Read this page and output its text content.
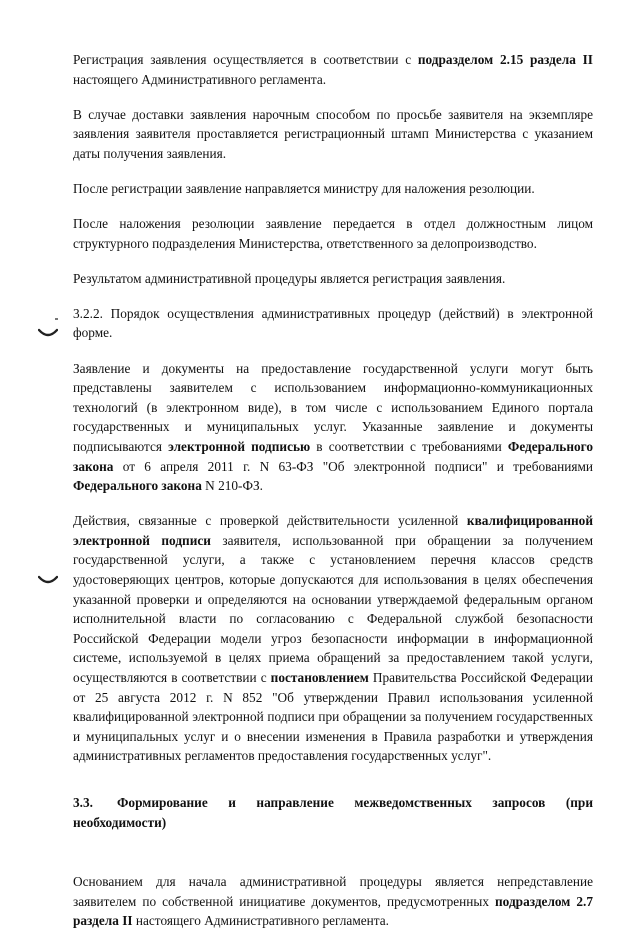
Регистрация заявления осуществляется в соответствии с подразделом 2.15 раздела II настоящего Административного регламента.

В случае доставки заявления нарочным способом по просьбе заявителя на экземпляре заявления заявителя проставляется регистрационный штамп Министерства с указанием даты получения заявления.

После регистрации заявление направляется министру для наложения резолюции.

После наложения резолюции заявление передается в отдел должностным лицом структурного подразделения Министерства, ответственного за делопроизводство.

Результатом административной процедуры является регистрация заявления.

3.2.2. Порядок осуществления административных процедур (действий) в электронной форме.

Заявление и документы на предоставление государственной услуги могут быть представлены заявителем с использованием информационно-коммуникационных технологий (в электронном виде), в том числе с использованием Единого портала государственных и муниципальных услуг. Указанные заявление и документы подписываются электронной подписью в соответствии с требованиями Федерального закона от 6 апреля 2011 г. N 63-ФЗ "Об электронной подписи" и требованиями Федерального закона N 210-ФЗ.

Действия, связанные с проверкой действительности усиленной квалифицированной электронной подписи заявителя, использованной при обращении за получением государственной услуги, а также с установлением перечня классов средств удостоверяющих центров, которые допускаются для использования в целях обеспечения указанной проверки и определяются на основании утверждаемой федеральным органом исполнительной власти по согласованию с Федеральной службой безопасности Российской Федерации модели угроз безопасности информации в информационной системе, используемой в целях приема обращений за предоставлением такой услуги, осуществляются в соответствии с постановлением Правительства Российской Федерации от 25 августа 2012 г. N 852 "Об утверждении Правил использования усиленной квалифицированной электронной подписи при обращении за получением государственных и муниципальных услуг и о внесении изменения в Правила разработки и утверждения административных регламентов предоставления государственных услуг".

3.3. Формирование и направление межведомственных запросов (при необходимости)

Основанием для начала административной процедуры является непредставление заявителем по собственной инициативе документов, предусмотренных подразделом 2.7 раздела II настоящего Административного регламента.
